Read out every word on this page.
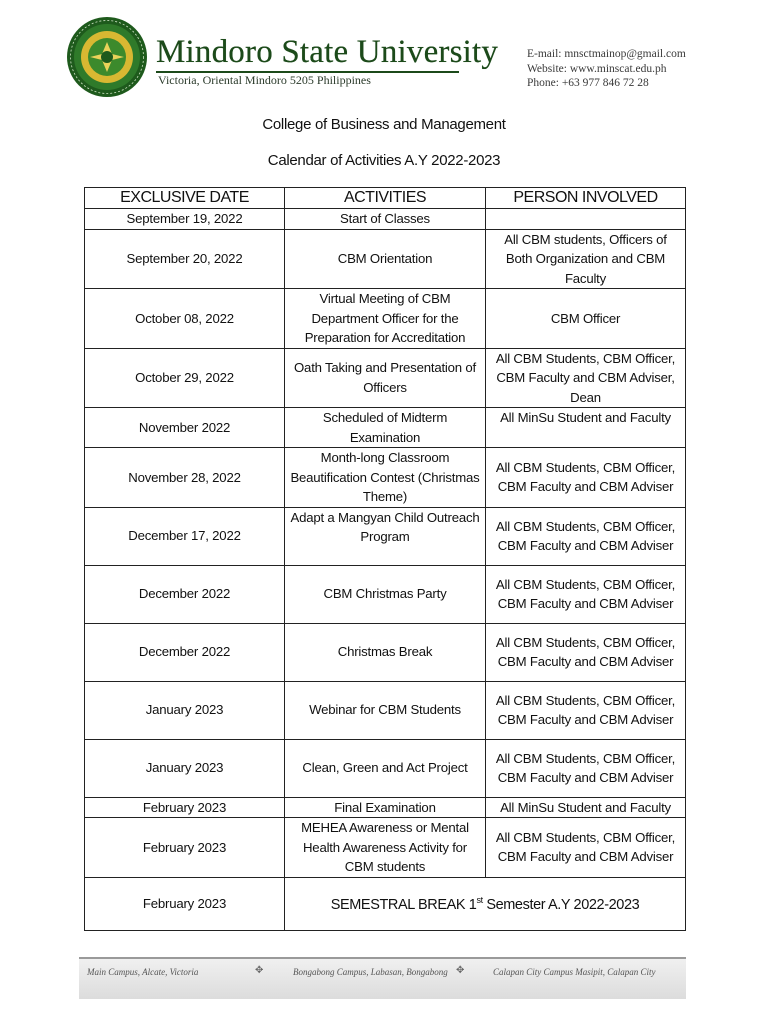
Mindoro State University
Victoria, Oriental Mindoro 5205 Philippines
E-mail: mnsctmainop@gmail.com
Website: www.minscat.edu.ph
Phone: +63 977 846 72 28
College of Business and Management
Calendar of Activities A.Y 2022-2023
EXCLUSIVE DATE	ACTIVITIES	PERSON INVOLVED
September 19, 2022	Start of Classes	
September 20, 2022	CBM Orientation	All CBM students, Officers of Both Organization and CBM Faculty
October 08, 2022	Virtual Meeting of CBM Department Officer for the Preparation for Accreditation	CBM Officer
October 29, 2022	Oath Taking and Presentation of Officers	All CBM Students, CBM Officer, CBM Faculty and CBM Adviser, Dean
November 2022	Scheduled of Midterm Examination	All MinSu Student and Faculty
November 28, 2022	Month-long Classroom Beautification Contest (Christmas Theme)	All CBM Students, CBM Officer, CBM Faculty and CBM Adviser
December 17, 2022	Adapt a Mangyan Child Outreach Program	All CBM Students, CBM Officer, CBM Faculty and CBM Adviser
December 2022	CBM Christmas Party	All CBM Students, CBM Officer, CBM Faculty and CBM Adviser
December 2022	Christmas Break	All CBM Students, CBM Officer, CBM Faculty and CBM Adviser
January 2023	Webinar for CBM Students	All CBM Students, CBM Officer, CBM Faculty and CBM Adviser
January 2023	Clean, Green and Act Project	All CBM Students, CBM Officer, CBM Faculty and CBM Adviser
February 2023	Final Examination	All MinSu Student and Faculty
February 2023	MEHEA Awareness or Mental Health Awareness Activity for CBM students	All CBM Students, CBM Officer, CBM Faculty and CBM Adviser
February 2023	SEMESTRAL BREAK 1st Semester A.Y 2022-2023	
Main Campus, Alcate, Victoria	✥	Bongabong Campus, Labasan, Bongabong ✥	Calapan City Campus Masipit, Calapan City
